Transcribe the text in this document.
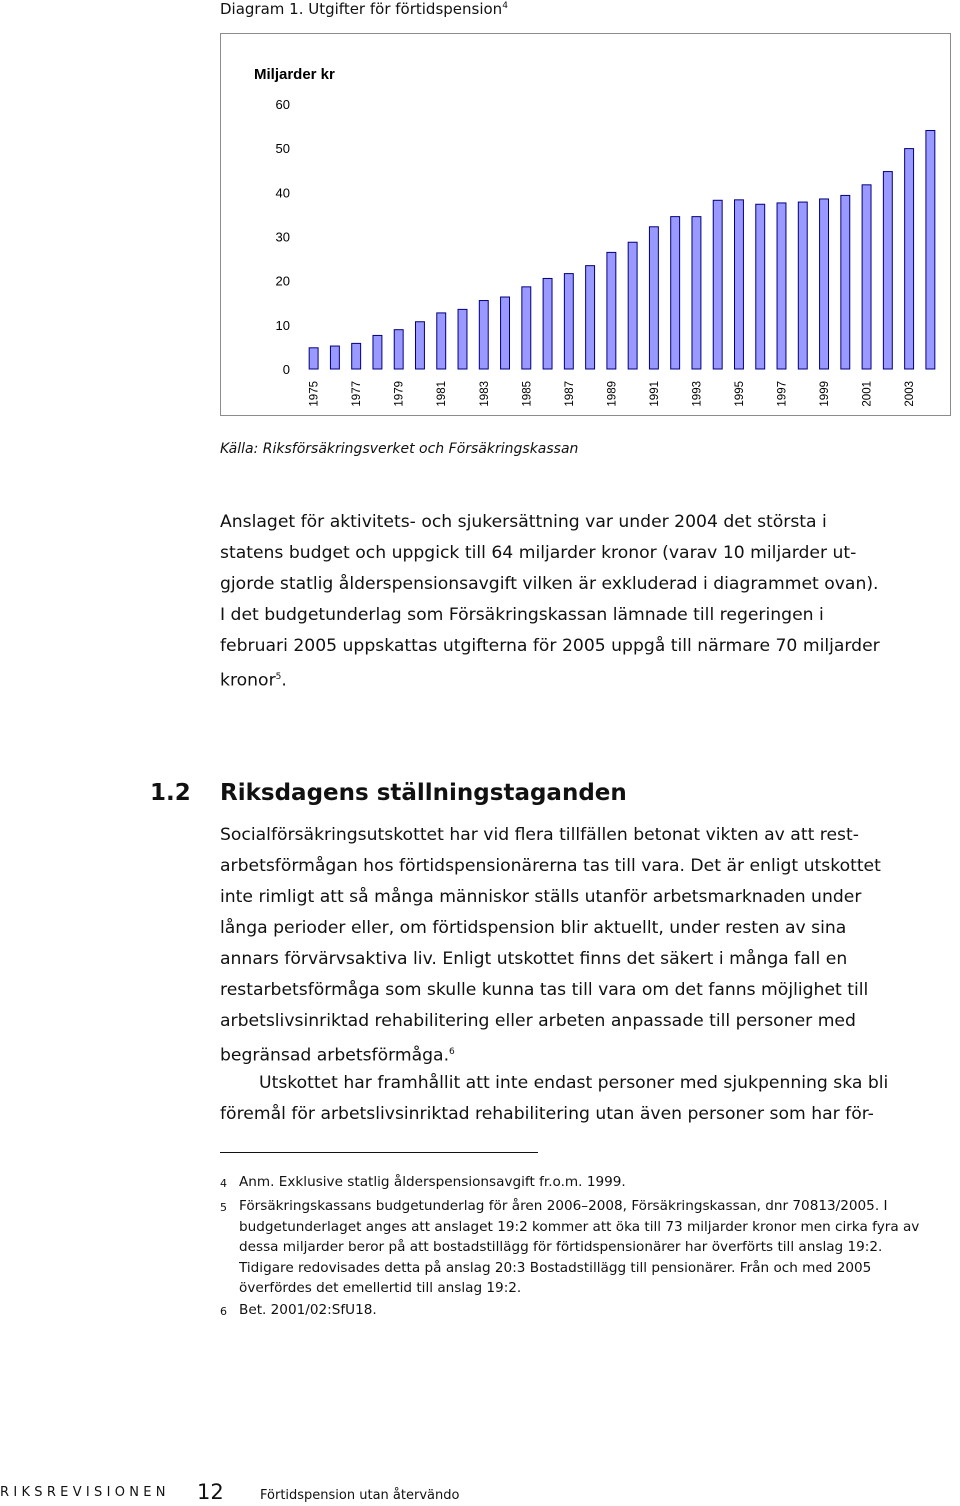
Diagram 1. Utgifter för förtidspension$^4$
Miljarder kr
60
50
40
30
20
10
0
1975	1977	1979	1981	1983	1985	1987	1989	1991	1993	1995	1997	1999	2001	2003
Källa: Riksförsäkringsverket och Försäkringskassan
Anslaget för aktivitets- och sjukersättning var under 2004 det största i
statens budget och uppgick till 64 miljarder kronor (varav 10 miljarder ut-
gjorde statlig ålderspensionsavgift vilken är exkluderad i diagrammet ovan).
I det budgetunderlag som Försäkringskassan lämnade till regeringen i
februari 2005 uppskattas utgifterna för 2005 uppgå till närmare 70 miljarder
kronor$^5$.
1.2 Riksdagens ställningstaganden
Socialförsäkringsutskottet har vid flera tillfällen betonat vikten av att rest-
arbetsförmågan hos förtidspensionärerna tas till vara. Det är enligt utskottet
inte rimligt att så många människor ställs utanför arbetsmarknaden under
långa perioder eller, om förtidspension blir aktuellt, under resten av sina
annars förvärvsaktiva liv. Enligt utskottet finns det säkert i många fall en
restarbetsförmåga som skulle kunna tas till vara om det fanns möjlighet till
arbetslivsinriktad rehabilitering eller arbeten anpassade till personer med
begränsad arbetsförmåga.$^6$
Utskottet har framhållit att inte endast personer med sjukpenning ska bli
föremål för arbetslivsinriktad rehabilitering utan även personer som har för-
4 Anm. Exklusive statlig ålderspensionsavgift fr.o.m. 1999.
5 Försäkringskassans budgetunderlag för åren 2006–2008, Försäkringskassan, dnr 70813/2005. I
budgetunderlaget anges att anslaget 19:2 kommer att öka till 73 miljarder kronor men cirka fyra av
dessa miljarder beror på att bostadstillägg för förtidspensionärer har överförts till anslag 19:2.
Tidigare redovisades detta på anslag 20:3 Bostadstillägg till pensionärer. Från och med 2005
överfördes det emellertid till anslag 19:2.
6 Bet. 2001/02:SfU18.
RIKSREVISIONEN 12	Förtidspension utan återvändo
